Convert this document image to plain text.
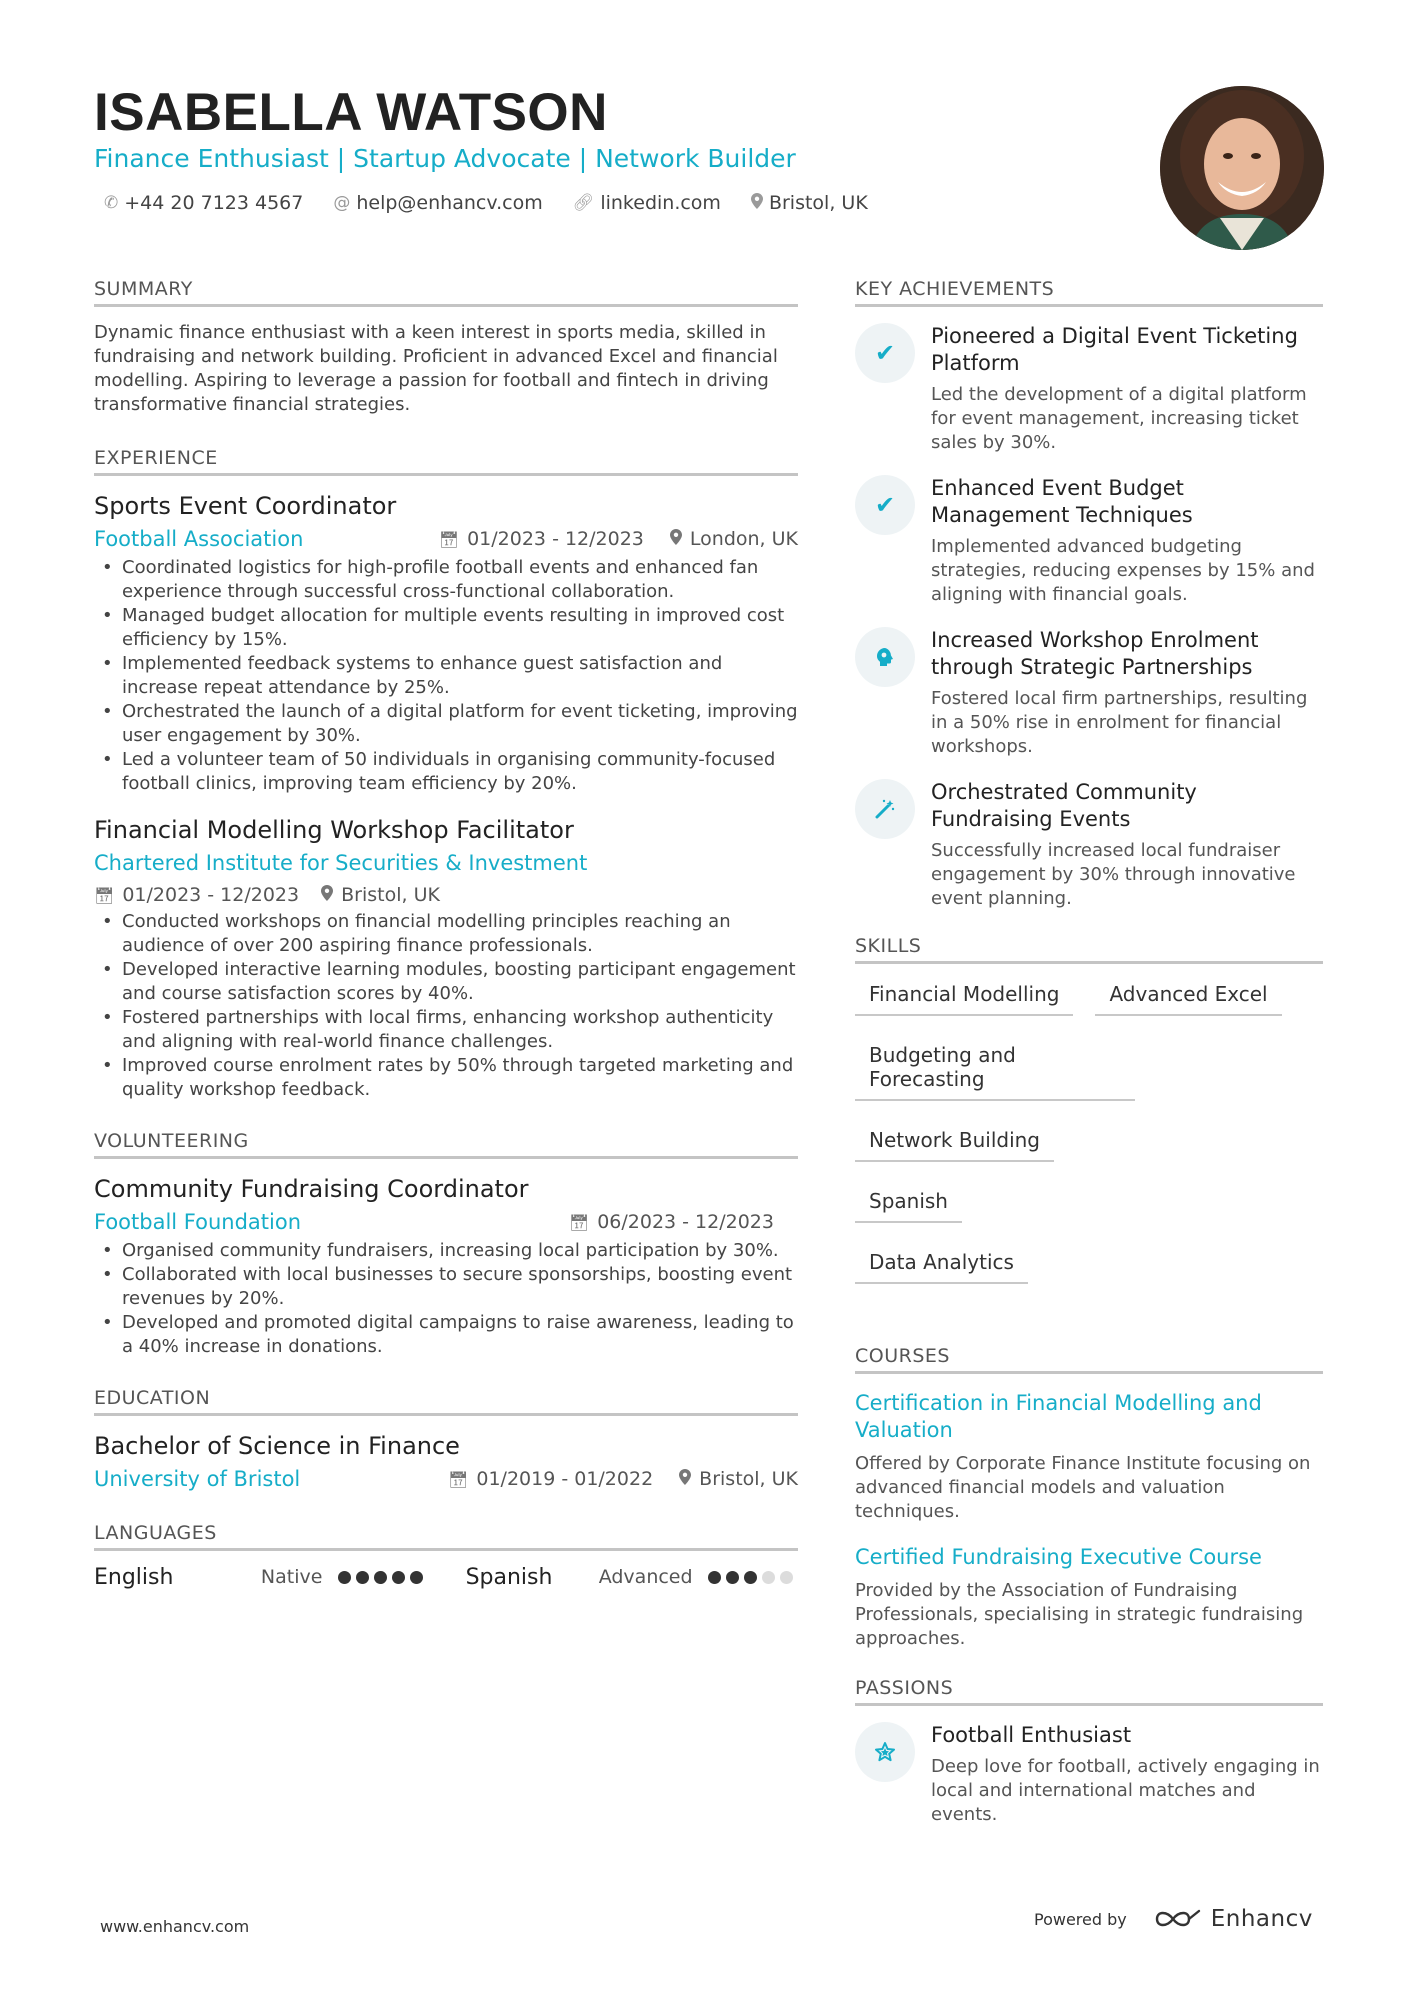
ISABELLA WATSON
Finance Enthusiast | Startup Advocate | Network Builder
✆ +44 20 7123 4567 @ help@enhancv.com 🔗︎ linkedin.com	Bristol, UK
SUMMARY

Dynamic finance enthusiast with a keen interest in sports media, skilled in fundraising and network building. Proficient in advanced Excel and financial modelling. Aspiring to leverage a passion for football and fintech in driving transformative financial strategies.

EXPERIENCE
Sports Event Coordinator
Football Association	📅︎ 01/2023 - 12/2023 London, UK
• Coordinated logistics for high-profile football events and enhanced fan experience through successful cross-functional collaboration.
• Managed budget allocation for multiple events resulting in improved cost efficiency by 15%.
• Implemented feedback systems to enhance guest satisfaction and increase repeat attendance by 25%.
• Orchestrated the launch of a digital platform for event ticketing, improving user engagement by 30%.
• Led a volunteer team of 50 individuals in organising community-focused football clinics, improving team efficiency by 20%.
Financial Modelling Workshop Facilitator
Chartered Institute for Securities & Investment
📅︎ 01/2023 - 12/2023 Bristol, UK
• Conducted workshops on financial modelling principles reaching an audience of over 200 aspiring finance professionals.
• Developed interactive learning modules, boosting participant engagement and course satisfaction scores by 40%.
• Fostered partnerships with local firms, enhancing workshop authenticity and aligning with real-world finance challenges.
• Improved course enrolment rates by 50% through targeted marketing and quality workshop feedback.
VOLUNTEERING
Community Fundraising Coordinator
Football Foundation	📅︎ 06/2023 - 12/2023
• Organised community fundraisers, increasing local participation by 30%.
• Collaborated with local businesses to secure sponsorships, boosting event revenues by 20%.
• Developed and promoted digital campaigns to raise awareness, leading to a 40% increase in donations.
EDUCATION
Bachelor of Science in Finance
University of Bristol	📅︎ 01/2019 - 01/2022 Bristol, UK
LANGUAGES
English	Native	Spanish	Advanced
KEY ACHIEVEMENTS
✔
Pioneered a Digital Event Ticketing Platform
Led the development of a digital platform for event management, increasing ticket sales by 30%.
✔
Enhanced Event Budget Management Techniques
Implemented advanced budgeting strategies, reducing expenses by 15% and aligning with financial goals.
Increased Workshop Enrolment through Strategic Partnerships
Fostered local firm partnerships, resulting in a 50% rise in enrolment for financial workshops.
Orchestrated Community Fundraising Events
Successfully increased local fundraiser engagement by 30% through innovative event planning.
SKILLS
Financial Modelling	Advanced Excel
Budgeting and Forecasting
Network Building
Spanish
Data Analytics
COURSES
Certification in Financial Modelling and Valuation
Offered by Corporate Finance Institute focusing on advanced financial models and valuation techniques.
Certified Fundraising Executive Course
Provided by the Association of Fundraising Professionals, specialising in strategic fundraising approaches.
PASSIONS
Football Enthusiast
Deep love for football, actively engaging in local and international matches and events.
www.enhancv.com	Powered by	Enhancv
